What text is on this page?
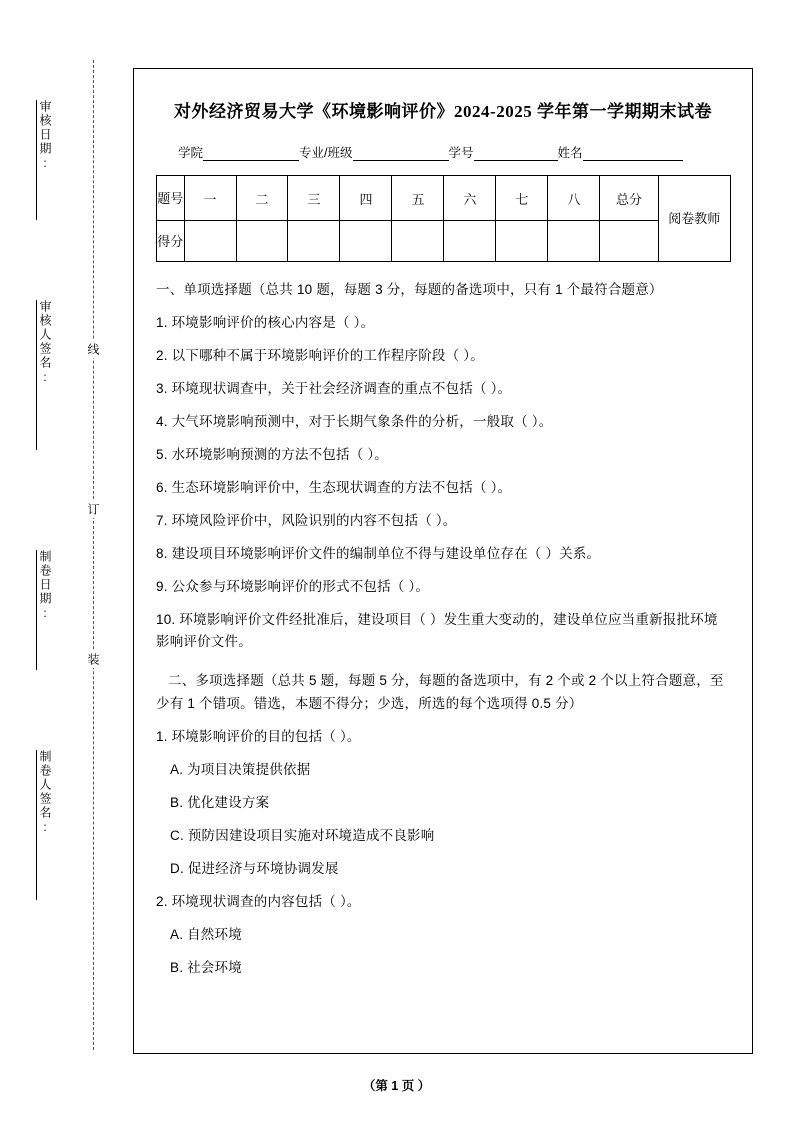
审核日期:
审核人签名:
制卷日期:
制卷人签名:
线
订
装
对外经济贸易大学《环境影响评价》2024‑2025 学年第一学期期末试卷
学院	专业/班级	学号	姓名
题号	一	二	三	四	五	六	七	八	总分	阅卷教师
得分										
一、单项选择题（总共 10 题，每题 3 分，每题的备选项中，只有 1 个最符合题意）
1. 环境影响评价的核心内容是（ ）。
2. 以下哪种不属于环境影响评价的工作程序阶段（ ）。
3. 环境现状调查中，关于社会经济调查的重点不包括（ ）。
4. 大气环境影响预测中，对于长期气象条件的分析，一般取（ ）。
5. 水环境影响预测的方法不包括（ ）。
6. 生态环境影响评价中，生态现状调查的方法不包括（ ）。
7. 环境风险评价中，风险识别的内容不包括（ ）。
8. 建设项目环境影响评价文件的编制单位不得与建设单位存在（ ）关系。
9. 公众参与环境影响评价的形式不包括（ ）。
10. 环境影响评价文件经批准后，建设项目（ ）发生重大变动的，建设单位应当重新报批环境影响评价文件。
二、多项选择题（总共 5 题，每题 5 分，每题的备选项中，有 2 个或 2 个以上符合题意，至少有 1 个错项。错选，本题不得分；少选，所选的每个选项得 0.5 分）
1. 环境影响评价的目的包括（ ）。
A. 为项目决策提供依据
B. 优化建设方案
C. 预防因建设项目实施对环境造成不良影响
D. 促进经济与环境协调发展
2. 环境现状调查的内容包括（ ）。
A. 自然环境
B. 社会环境
（第 1 页 ）
